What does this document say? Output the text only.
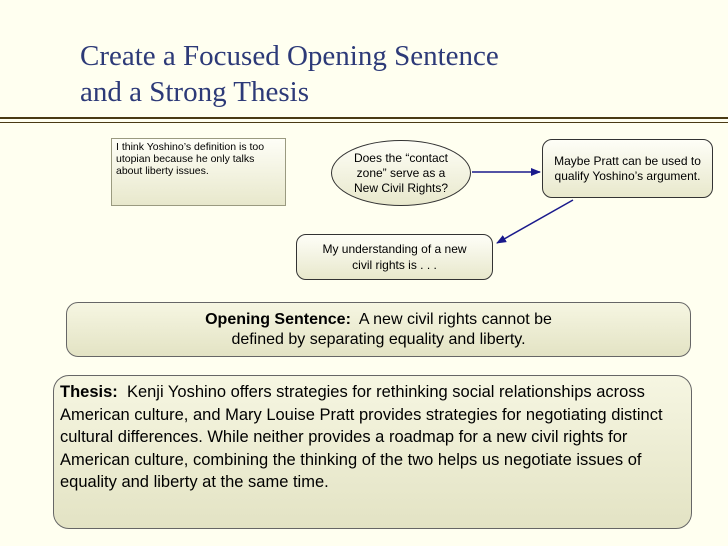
Create a Focused Opening Sentence
and a Strong Thesis
I think Yoshino’s definition is too utopian because he only talks about liberty issues.
Does the “contact zone” serve as a New Civil Rights?
Maybe Pratt can be used to qualify Yoshino’s argument.
My understanding of a new civil rights is . . .
Opening Sentence: A new civil rights cannot be
defined by separating equality and liberty.
Thesis: Kenji Yoshino offers strategies for rethinking social relationships across American culture, and Mary Louise Pratt provides strategies for negotiating distinct cultural differences. While neither provides a roadmap for a new civil rights for American culture, combining the thinking of the two helps us negotiate issues of equality and liberty at the same time.
